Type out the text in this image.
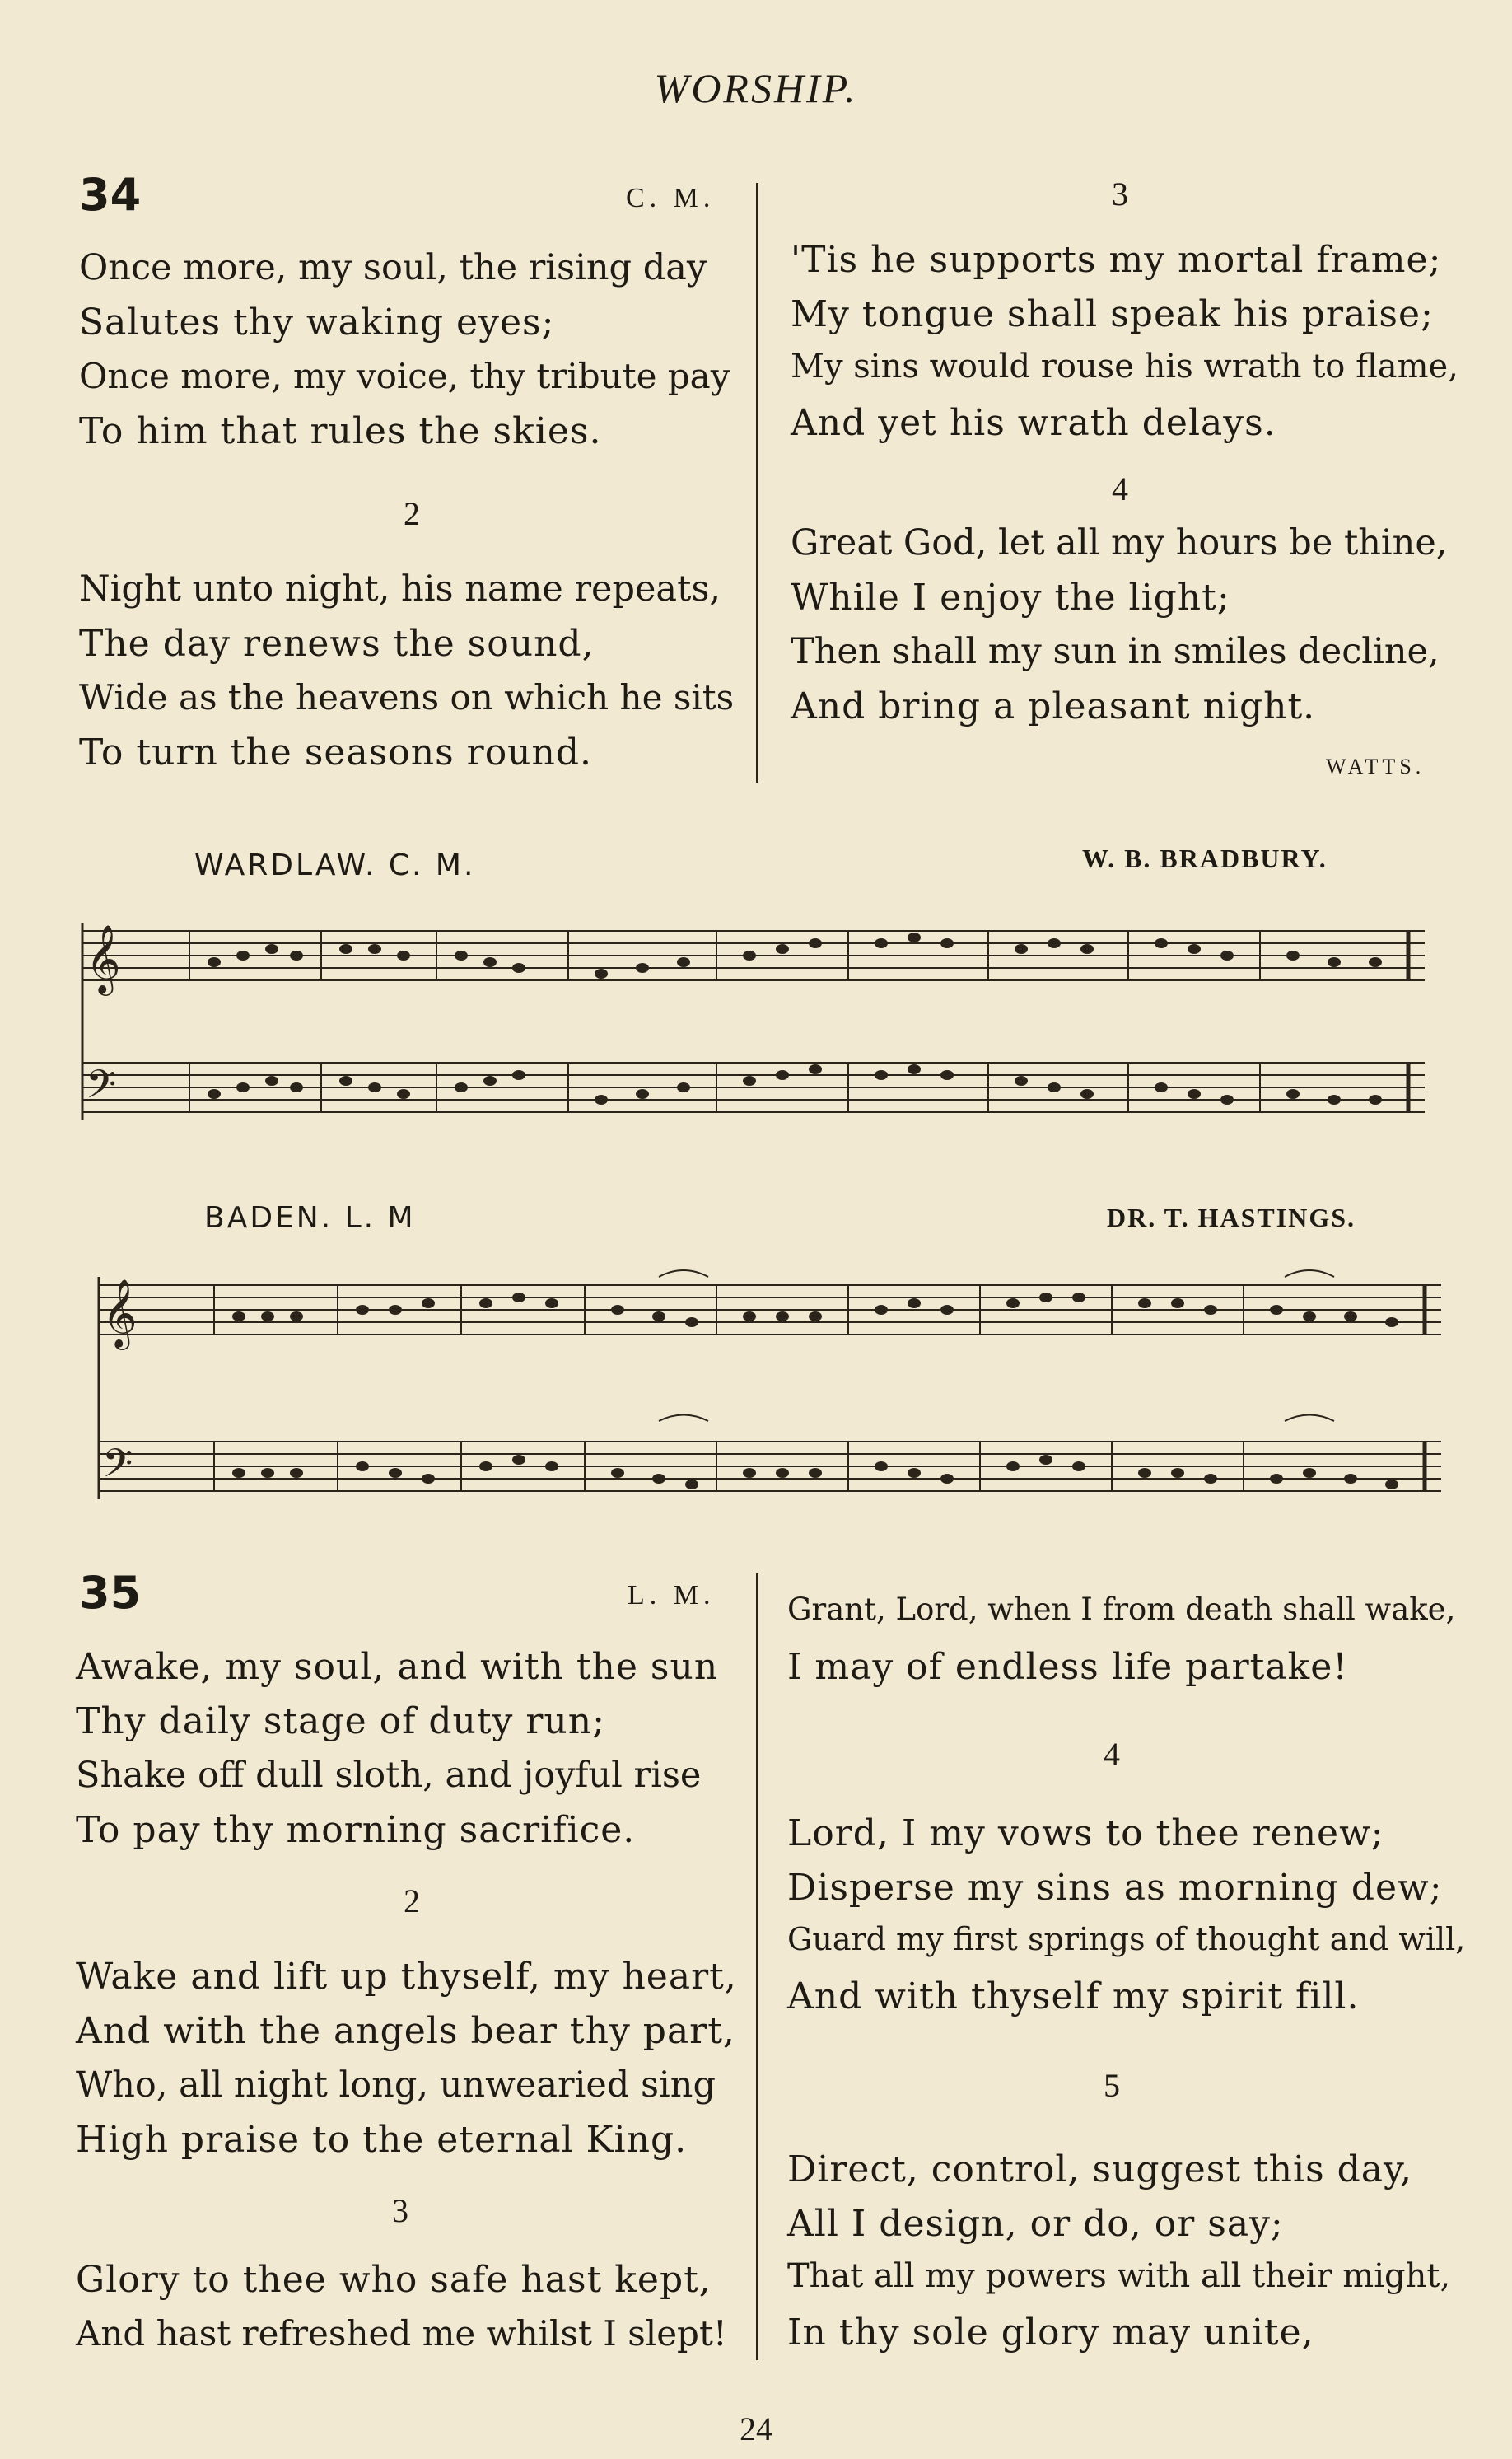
WORSHIP.
34	C. M.
Once more, my soul, the rising day
Salutes thy waking eyes;
Once more, my voice, thy tribute pay
To him that rules the skies.
2
Night unto night, his name repeats,
The day renews the sound,
Wide as the heavens on which he sits
To turn the seasons round.
3
'Tis he supports my mortal frame;
My tongue shall speak his praise;
My sins would rouse his wrath to flame,
And yet his wrath delays.
4
Great God, let all my hours be thine,
While I enjoy the light;
Then shall my sun in smiles decline,
And bring a pleasant night.
WATTS.
WARDLAW. C. M.	W. B. BRADBURY.
𝄞
𝄢
BADEN. L. M	DR. T. HASTINGS.
𝄞
𝄢
35	L. M.
Awake, my soul, and with the sun
Thy daily stage of duty run;
Shake off dull sloth, and joyful rise
To pay thy morning sacrifice.
2
Wake and lift up thyself, my heart,
And with the angels bear thy part,
Who, all night long, unwearied sing
High praise to the eternal King.
3
Glory to thee who safe hast kept,
And hast refreshed me whilst I slept!
Grant, Lord, when I from death shall wake,
I may of endless life partake!
4
Lord, I my vows to thee renew;
Disperse my sins as morning dew;
Guard my first springs of thought and will,
And with thyself my spirit fill.
5
Direct, control, suggest this day,
All I design, or do, or say;
That all my powers with all their might,
In thy sole glory may unite,
24
